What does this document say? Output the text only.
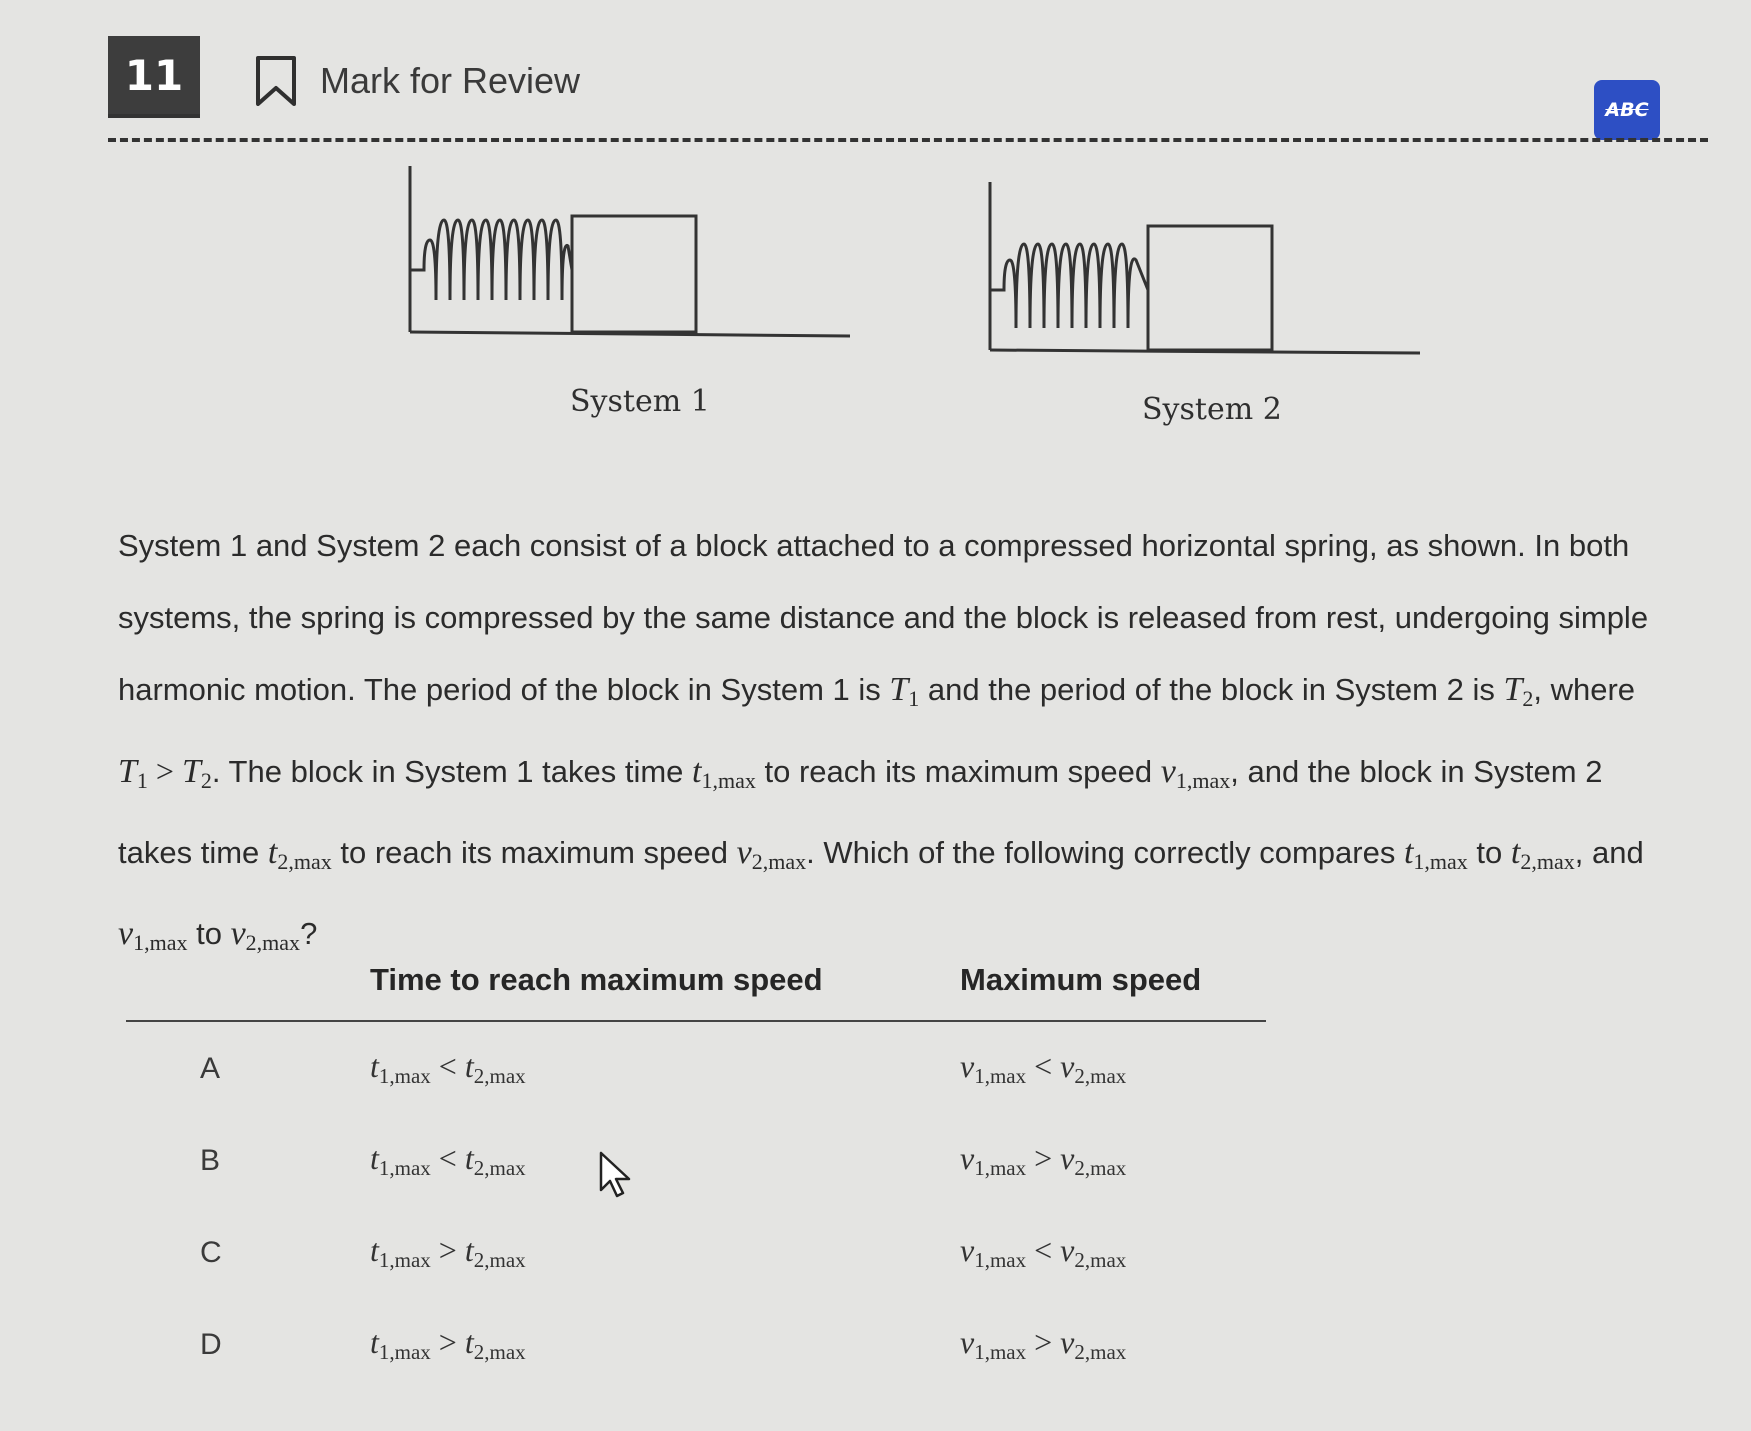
11	Mark for Review
ABC
System 1	System 2
System 1 and System 2 each consist of a block attached to a compressed horizontal spring, as shown. In both systems, the spring is compressed by the same distance and the block is released from rest, undergoing simple harmonic motion. The period of the block in System 1 is $T_1$ and the period of the block in System 2 is $T_2$, where $T_1 > T_2$. The block in System 1 takes time $t_{1,max}$ to reach its maximum speed $v_{1,max}$, and the block in System 2 takes time $t_{2,max}$ to reach its maximum speed $v_{2,max}$. Which of the following correctly compares $t_{1,max}$ to $t_{2,max}$, and $v_{1,max}$ to $v_{2,max}$?
Time to reach maximum speed	Maximum speed
A	$t_{1,max} < t_{2,max}$	$v_{1,max} < v_{2,max}$
B	$t_{1,max} < t_{2,max}$	$v_{1,max} > v_{2,max}$
C	$t_{1,max} > t_{2,max}$	$v_{1,max} < v_{2,max}$
D	$t_{1,max} > t_{2,max}$	$v_{1,max} > v_{2,max}$
